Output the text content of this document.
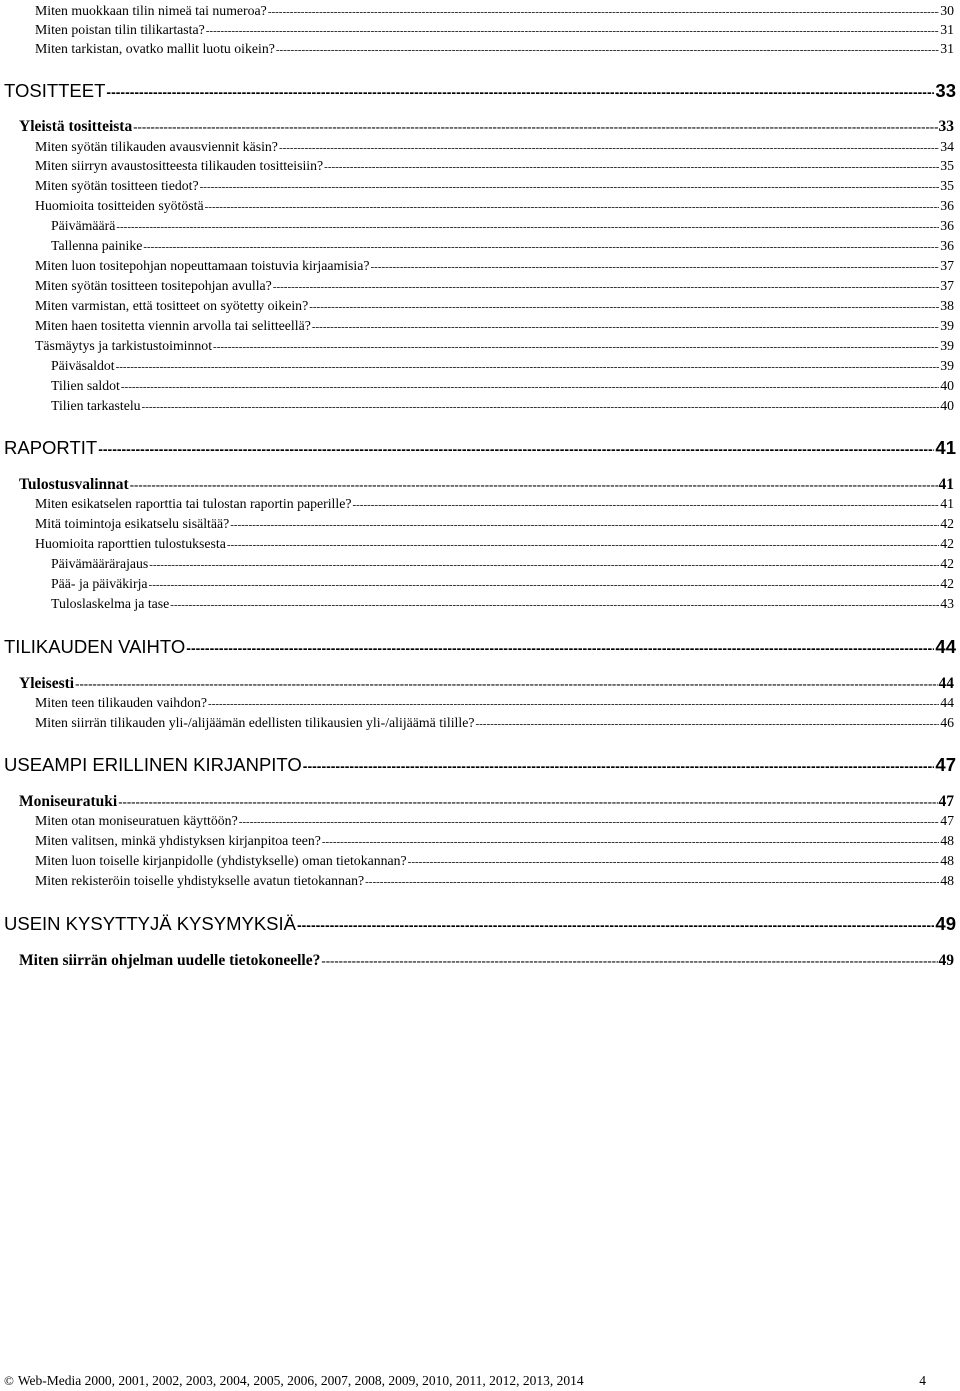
Miten muokkaan tilin nimeä tai numeroa? -----	30
Miten poistan tilin tilikartasta? -----	31
Miten tarkistan, ovatko mallit luotu oikein? -----	31
TOSITTEET -----	33
Yleistä tositteista -----	33
Miten syötän tilikauden avausviennit käsin? -----	34
Miten siirryn avaustositteesta tilikauden tositteisiin? -----	35
Miten syötän tositteen tiedot? -----	35
Huomioita tositteiden syötöstä -----	36
Päivämäärä -----	36
Tallenna painike -----	36
Miten luon tositepohjan nopeuttamaan toistuvia kirjaamisia? -----	37
Miten syötän tositteen tositepohjan avulla? -----	37
Miten varmistan, että tositteet on syötetty oikein? -----	38
Miten haen tositetta viennin arvolla tai selitteellä? -----	39
Täsmäytys ja tarkistustoiminnot -----	39
Päiväsaldot -----	39
Tilien saldot -----	40
Tilien tarkastelu -----	40
RAPORTIT -----	41
Tulostusvalinnat -----	41
Miten esikatselen raporttia tai tulostan raportin paperille? -----	41
Mitä toimintoja esikatselu sisältää? -----	42
Huomioita raporttien tulostuksesta -----	42
Päivämäärärajaus -----	42
Pää- ja päiväkirja -----	42
Tuloslaskelma ja tase -----	43
TILIKAUDEN VAIHTO -----	44
Yleisesti -----	44
Miten teen tilikauden vaihdon? -----	44
Miten siirrän tilikauden yli-/alijäämän edellisten tilikausien yli-/alijäämä tilille? -----	46
USEAMPI ERILLINEN KIRJANPITO -----	47
Moniseuratuki -----	47
Miten otan moniseuratuen käyttöön? -----	47
Miten valitsen, minkä yhdistyksen kirjanpitoa teen? -----	48
Miten luon toiselle kirjanpidolle (yhdistykselle) oman tietokannan? -----	48
Miten rekisteröin toiselle yhdistykselle avatun tietokannan? -----	48
USEIN KYSYTTYJÄ KYSYMYKSIÄ -----	49
Miten siirrän ohjelman uudelle tietokoneelle? -----	49
© Web-Media 2000, 2001, 2002, 2003, 2004, 2005, 2006, 2007, 2008, 2009, 2010, 2011, 2012, 2013, 2014	4
